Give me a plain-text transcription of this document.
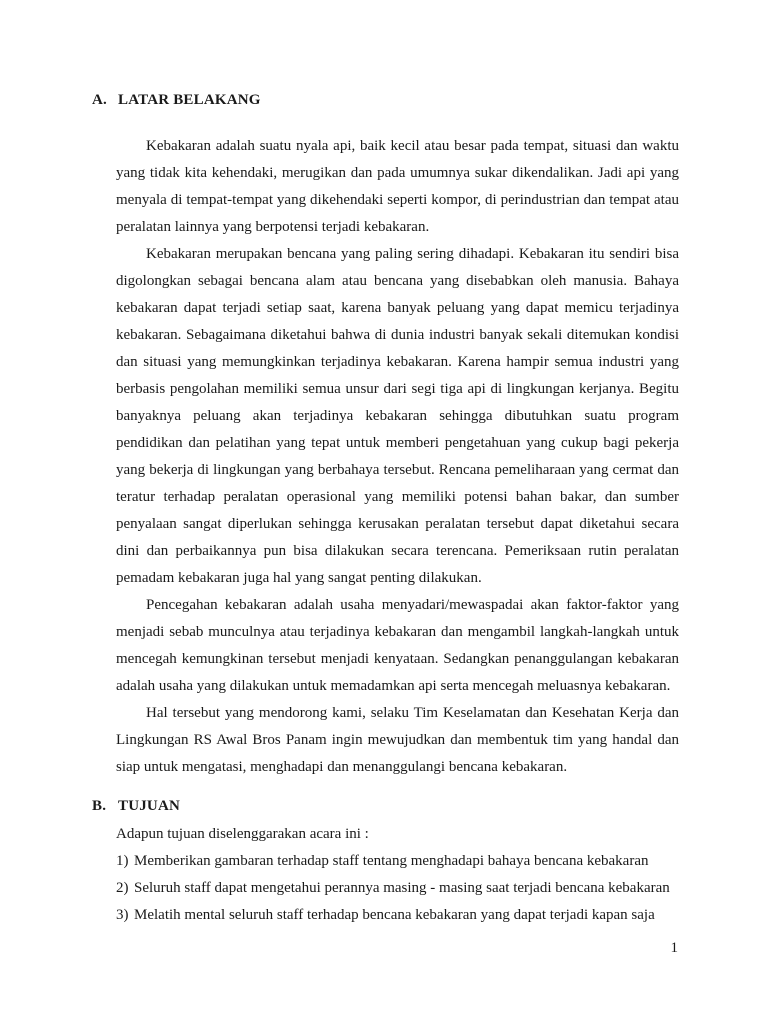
A. LATAR BELAKANG

Kebakaran adalah suatu nyala api, baik kecil atau besar pada tempat, situasi dan waktu yang tidak kita kehendaki, merugikan dan pada umumnya sukar dikendalikan. Jadi api yang menyala di tempat-tempat yang dikehendaki seperti kompor, di perindustrian dan tempat atau peralatan lainnya yang berpotensi terjadi kebakaran.

Kebakaran merupakan bencana yang paling sering dihadapi. Kebakaran itu sendiri bisa digolongkan sebagai bencana alam atau bencana yang disebabkan oleh manusia. Bahaya kebakaran dapat terjadi setiap saat, karena banyak peluang yang dapat memicu terjadinya kebakaran. Sebagaimana diketahui bahwa di dunia industri banyak sekali ditemukan kondisi dan situasi yang memungkinkan terjadinya kebakaran. Karena hampir semua industri yang berbasis pengolahan memiliki semua unsur dari segi tiga api di lingkungan kerjanya. Begitu banyaknya peluang akan terjadinya kebakaran sehingga dibutuhkan suatu program pendidikan dan pelatihan yang tepat untuk memberi pengetahuan yang cukup bagi pekerja yang bekerja di lingkungan yang berbahaya tersebut. Rencana pemeliharaan yang cermat dan teratur terhadap peralatan operasional yang memiliki potensi bahan bakar, dan sumber penyalaan sangat diperlukan sehingga kerusakan peralatan tersebut dapat diketahui secara dini dan perbaikannya pun bisa dilakukan secara terencana. Pemeriksaan rutin peralatan pemadam kebakaran juga hal yang sangat penting dilakukan.

Pencegahan kebakaran adalah usaha menyadari/mewaspadai akan faktor-faktor yang menjadi sebab munculnya atau terjadinya kebakaran dan mengambil langkah-langkah untuk mencegah kemungkinan tersebut menjadi kenyataan. Sedangkan penanggulangan kebakaran adalah usaha yang dilakukan untuk memadamkan api serta mencegah meluasnya kebakaran.

Hal tersebut yang mendorong kami, selaku Tim Keselamatan dan Kesehatan Kerja dan Lingkungan RS Awal Bros Panam ingin mewujudkan dan membentuk tim yang handal dan siap untuk mengatasi, menghadapi dan menanggulangi bencana kebakaran.

B. TUJUAN

Adapun tujuan diselenggarakan acara ini :

1) Memberikan gambaran terhadap staff tentang menghadapi bahaya bencana kebakaran
2) Seluruh staff dapat mengetahui perannya masing - masing saat terjadi bencana kebakaran
3) Melatih mental seluruh staff terhadap bencana kebakaran yang dapat terjadi kapan saja
1
